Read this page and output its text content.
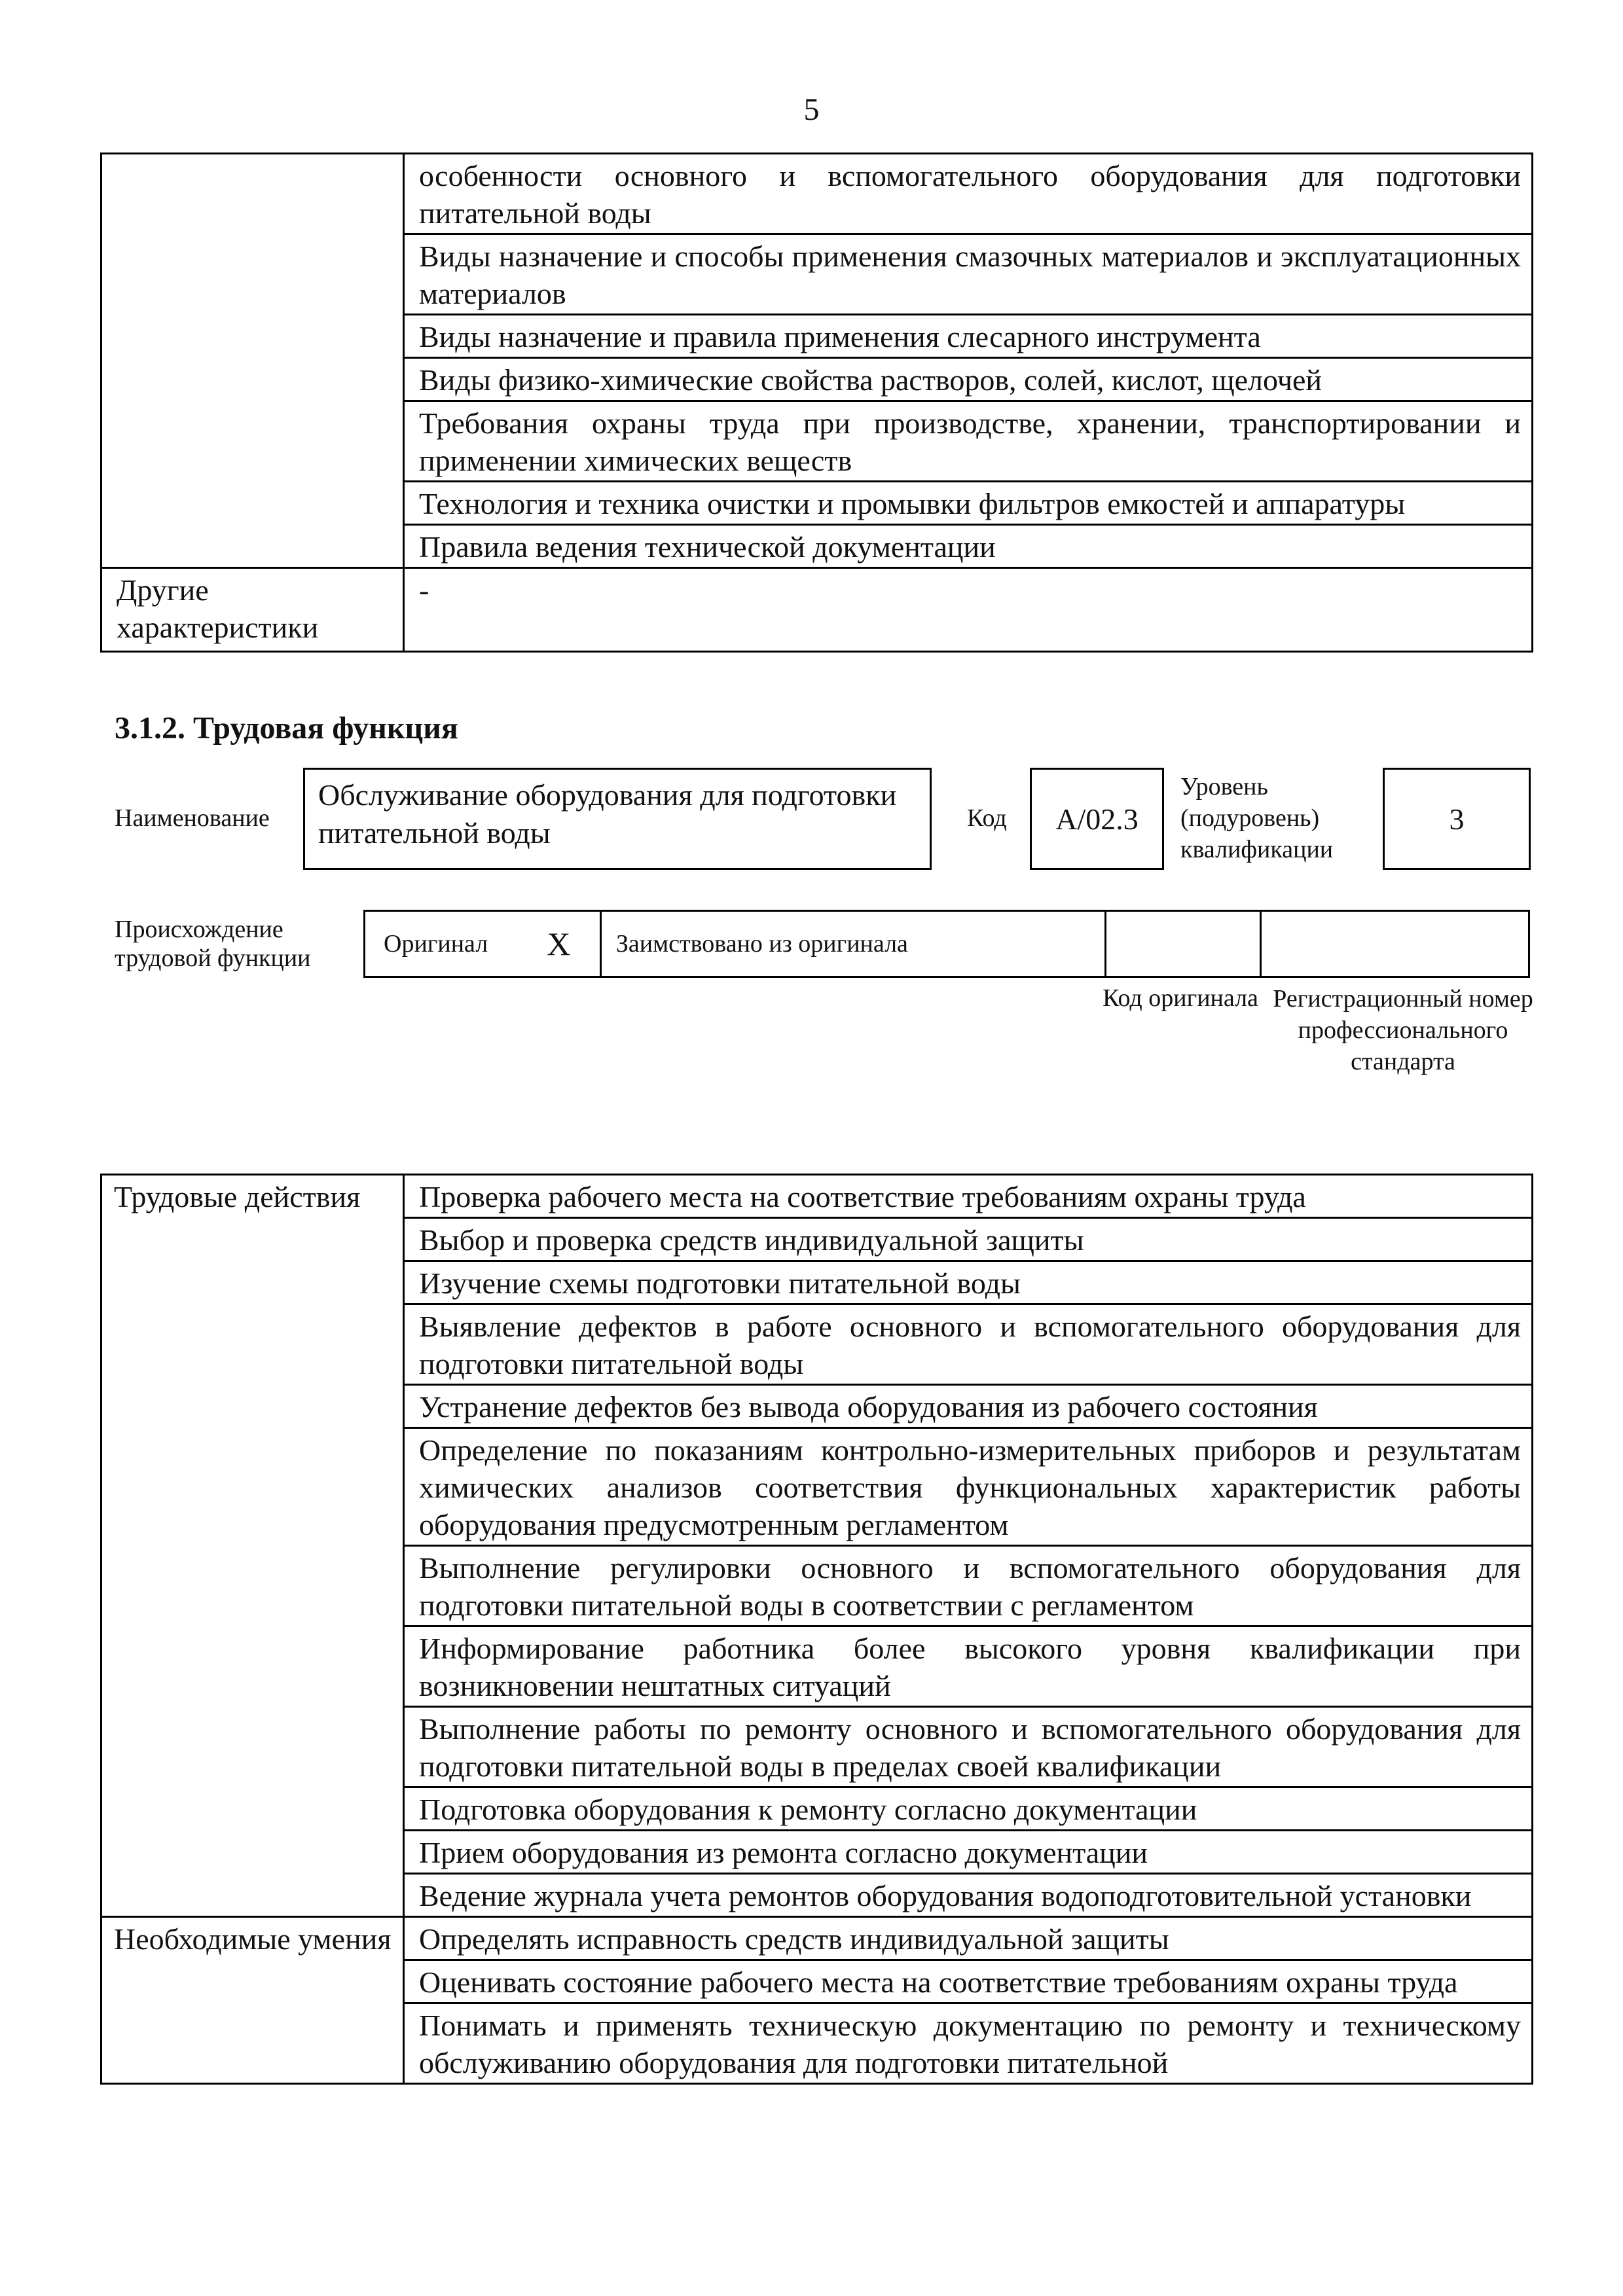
5
	особенности основного и вспомогательного оборудования для подготовки питательной воды
	Виды назначение и способы применения смазочных материалов и эксплуатационных материалов
	Виды назначение и правила применения слесарного инструмента
	Виды физико-химические свойства растворов, солей, кислот, щелочей
	Требования охраны труда при производстве, хранении, транспортировании и применении химических веществ
	Технология и техника очистки и промывки фильтров емкостей и аппаратуры
	Правила ведения технической документации
Другие характеристики	-
3.1.2. Трудовая функция
Наименование
Обслуживание оборудования для подготовки питательной воды	Код	A/02.3
Уровень (подуровень) квалификации
3
Происхождение трудовой функции
Оригинал X	Заимствовано из оригинала
Код оригинала Регистрационный номер профессионального стандарта
Трудовые действия	Проверка рабочего места на соответствие требованиям охраны труда
	Выбор и проверка средств индивидуальной защиты
	Изучение схемы подготовки питательной воды
	Выявление дефектов в работе основного и вспомогательного оборудования для подготовки питательной воды
	Устранение дефектов без вывода оборудования из рабочего состояния
	Определение по показаниям контрольно-измерительных приборов и результатам химических анализов соответствия функциональных характеристик работы оборудования предусмотренным регламентом
	Выполнение регулировки основного и вспомогательного оборудования для подготовки питательной воды в соответствии с регламентом
	Информирование работника более высокого уровня квалификации при возникновении нештатных ситуаций
	Выполнение работы по ремонту основного и вспомогательного оборудования для подготовки питательной воды в пределах своей квалификации
	Подготовка оборудования к ремонту согласно документации
	Прием оборудования из ремонта согласно документации
	Ведение журнала учета ремонтов оборудования водоподготовительной установки
Необходимые умения	Определять исправность средств индивидуальной защиты
	Оценивать состояние рабочего места на соответствие требованиям охраны труда
	Понимать и применять техническую документацию по ремонту и техническому обслуживанию оборудования для подготовки питательной
